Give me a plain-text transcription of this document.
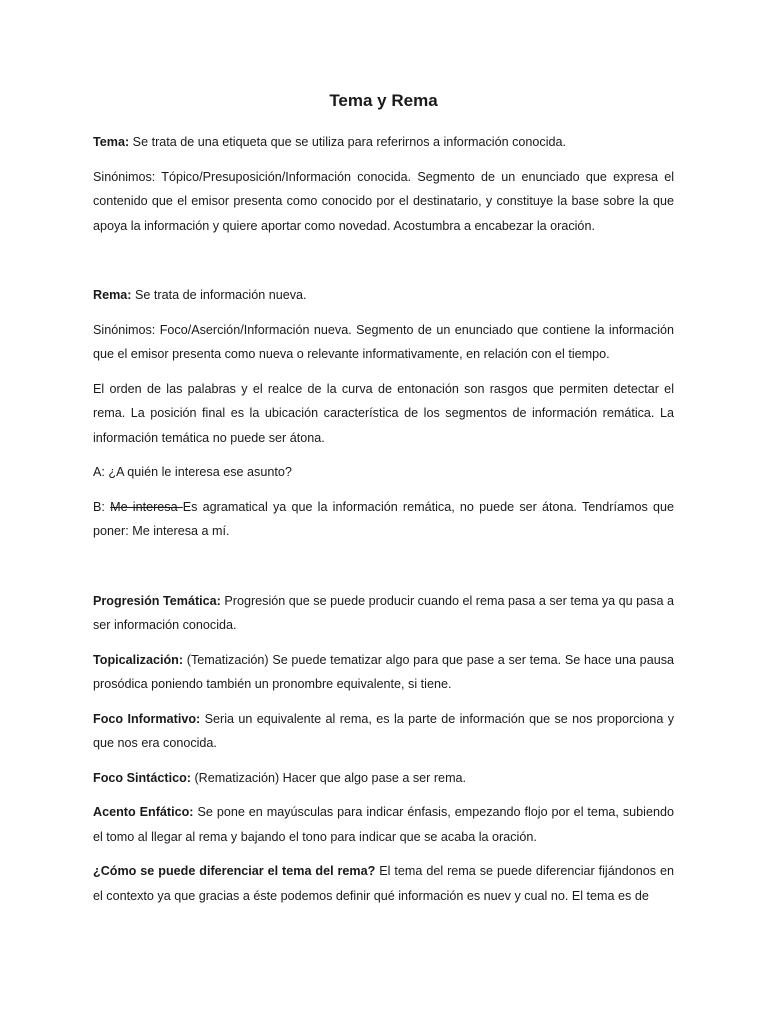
Tema y Rema

Tema: Se trata de una etiqueta que se utiliza para referirnos a información conocida.

Sinónimos: Tópico/Presuposición/Información conocida. Segmento de un enunciado que expresa el contenido que el emisor presenta como conocido por el destinatario, y constituye la base sobre la que apoya la información y quiere aportar como novedad. Acostumbra a encabezar la oración.

Rema: Se trata de información nueva.

Sinónimos: Foco/Aserción/Información nueva. Segmento de un enunciado que contiene la información que el emisor presenta como nueva o relevante informativamente, en relación con el tiempo.

El orden de las palabras y el realce de la curva de entonación son rasgos que permiten detectar el rema. La posición final es la ubicación característica de los segmentos de información remática. La información temática no puede ser átona.

A: ¿A quién le interesa ese asunto?

B: Me interesa Es agramatical ya que la información remática, no puede ser átona. Tendríamos que poner: Me interesa a mí.

Progresión Temática: Progresión que se puede producir cuando el rema pasa a ser tema ya qu pasa a ser información conocida.

Topicalización: (Tematización) Se puede tematizar algo para que pase a ser tema. Se hace una pausa prosódica poniendo también un pronombre equivalente, si tiene.

Foco Informativo: Seria un equivalente al rema, es la parte de información que se nos proporciona y que nos era conocida.

Foco Sintáctico: (Rematización) Hacer que algo pase a ser rema.

Acento Enfático: Se pone en mayúsculas para indicar énfasis, empezando flojo por el tema, subiendo el tomo al llegar al rema y bajando el tono para indicar que se acaba la oración.

¿Cómo se puede diferenciar el tema del rema? El tema del rema se puede diferenciar fijándonos en el contexto ya que gracias a éste podemos definir qué información es nuev y cual no. El tema es de
